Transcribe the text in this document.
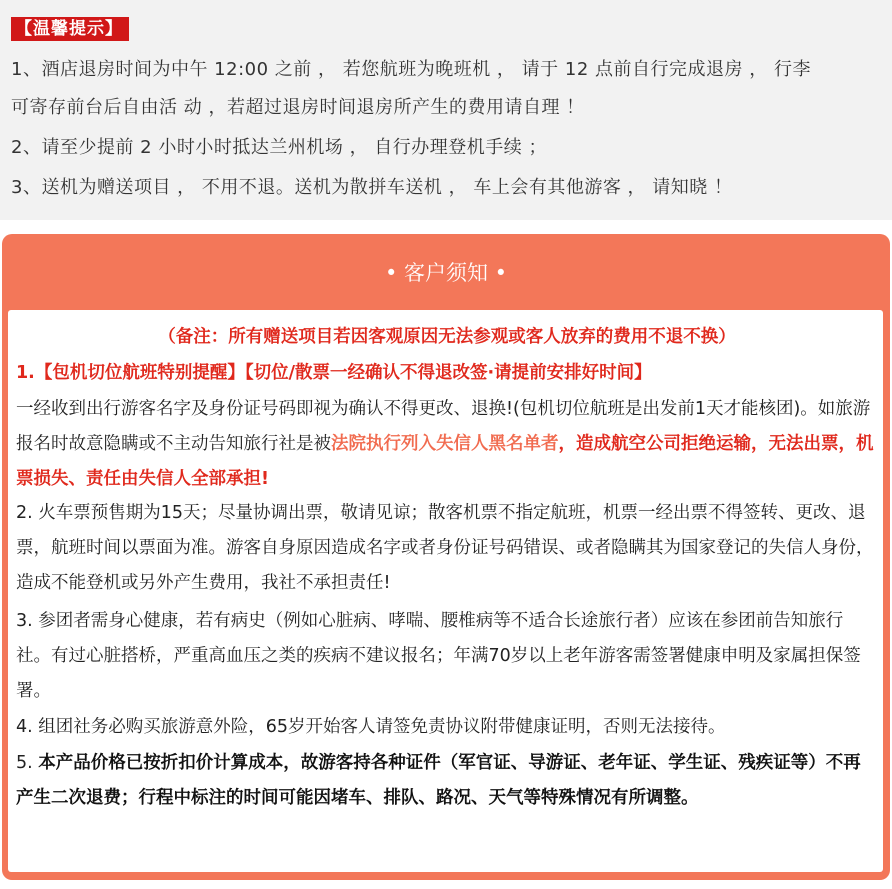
【温馨提示】
1、酒店退房时间为中午 12:00 之前 ， 若您航班为晚班机 ， 请于 12 点前自行完成退房 ， 行李
可寄存前台后自由活 动 ，若超过退房时间退房所产生的费用请自理 ！
2、请至少提前 2 小时小时抵达兰州机场 ， 自行办理登机手续 ；
3、送机为赠送项目 ， 不用不退。送机为散拼车送机 ， 车上会有其他游客 ， 请知晓 ！
• 客户须知 •
（备注：所有赠送项目若因客观原因无法参观或客人放弃的费用不退不换）
1.【包机切位航班特别提醒】【切位/散票一经确认不得退改签·请提前安排好时间】
一经收到出行游客名字及身份证号码即视为确认不得更改、退换!(包机切位航班是出发前1天才能核团)。如旅游报名时故意隐瞒或不主动告知旅行社是被法院执行列入失信人黑名单者，造成航空公司拒绝运输，无法出票，机票损失、责任由失信人全部承担!
2. 火车票预售期为15天；尽量协调出票，敬请见谅；散客机票不指定航班，机票一经出票不得签转、更改、退票，航班时间以票面为准。游客自身原因造成名字或者身份证号码错误、或者隐瞒其为国家登记的失信人身份，造成不能登机或另外产生费用，我社不承担责任!
3. 参团者需身心健康，若有病史（例如心脏病、哮喘、腰椎病等不适合长途旅行者）应该在参团前告知旅行社。有过心脏搭桥，严重高血压之类的疾病不建议报名；年满70岁以上老年游客需签署健康申明及家属担保签署。
4. 组团社务必购买旅游意外险，65岁开始客人请签免责协议附带健康证明，否则无法接待。
5. 本产品价格已按折扣价计算成本，故游客持各种证件（军官证、导游证、老年证、学生证、残疾证等）不再产生二次退费；行程中标注的时间可能因堵车、排队、路况、天气等特殊情况有所调整。
